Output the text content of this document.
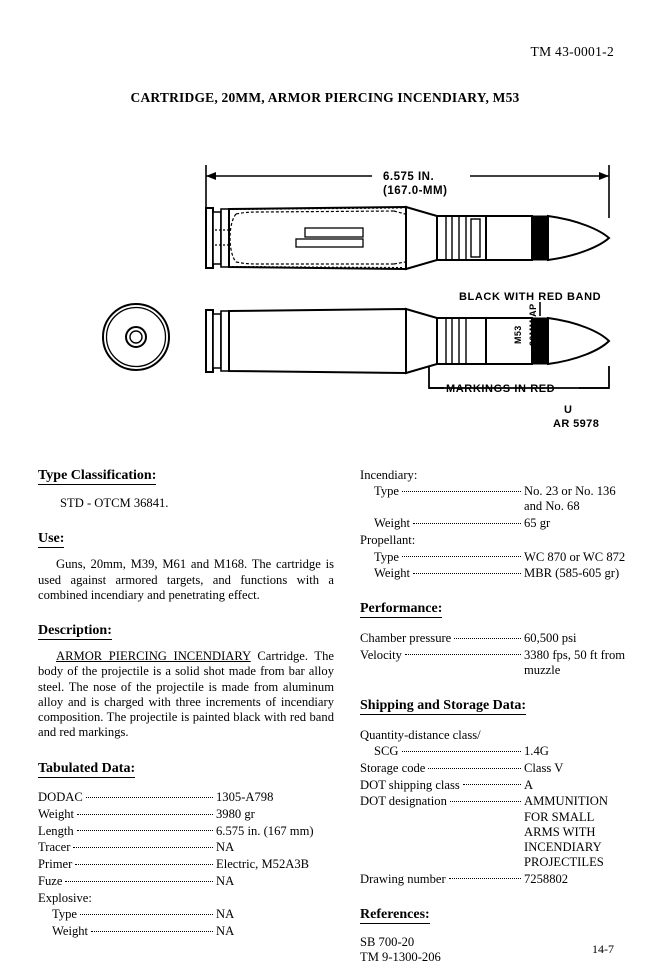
TM 43-0001-2
CARTRIDGE, 20MM, ARMOR PIERCING INCENDIARY, M53
6.575 IN.
(167.0-MM)
BLACK WITH RED BAND
MARKINGS IN RED
U
AR 5978
20MM AP
M53
Type Classification:

STD - OTCM 36841.

Use:

Guns, 20mm, M39, M61 and M168. The cartridge is used against armored targets, and functions with a combined incendiary and penetrating effect.

Description:

ARMOR PIERCING INCENDIARY Cartridge. The body of the projectile is a solid shot made from bar alloy steel. The nose of the projectile is made from aluminum alloy and is charged with three increments of incendiary composition. The projectile is painted black with red band and red markings.

Tabulated Data:
DODAC	1305-A798
Weight	3980 gr
Length	6.575 in. (167 mm)
Tracer	NA
Primer	Electric, M52A3B
Fuze	NA
Explosive:
Type	NA
Weight	NA
Incendiary:
Type	No. 23 or No. 136
and No. 68
Weight	65 gr
Propellant:
Type	WC 870 or WC 872
Weight	MBR (585-605 gr)
Performance:
Chamber pressure	60,500 psi
Velocity	3380 fps, 50 ft from
muzzle
Shipping and Storage Data:
Quantity-distance class/
SCG	1.4G
Storage code	Class V
DOT shipping class	A
DOT designation	AMMUNITION
FOR SMALL
ARMS WITH
INCENDIARY
PROJECTILES
Drawing number	7258802
References:
SB 700-20
TM 9-1300-206
14-7
